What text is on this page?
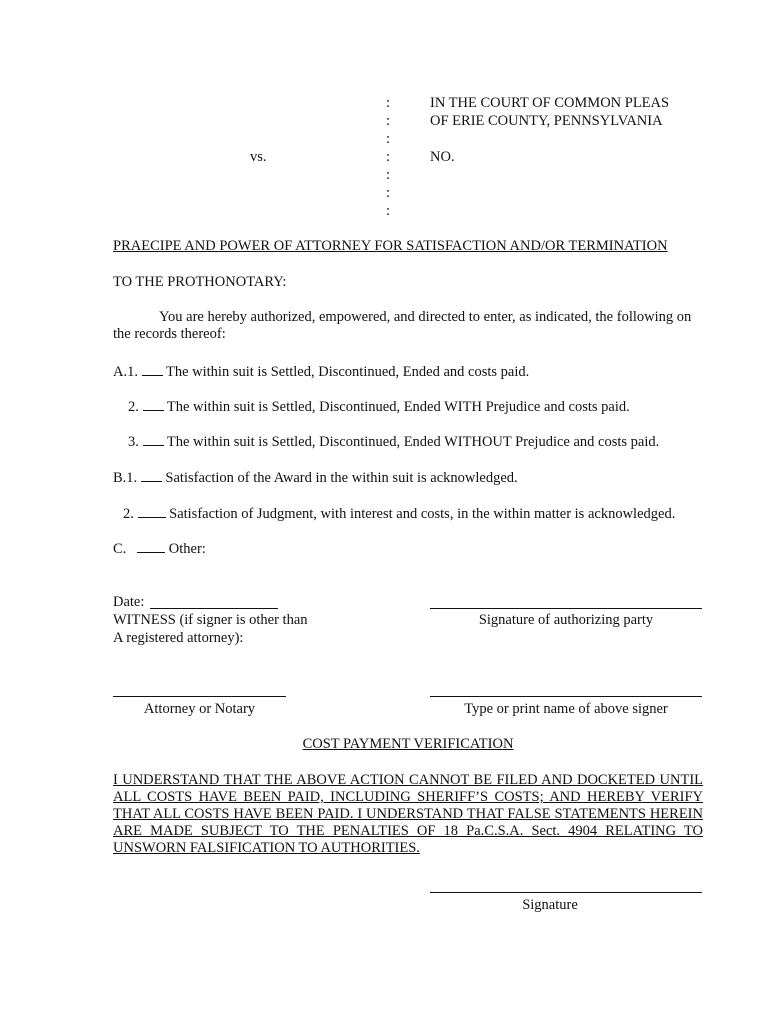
:
:
:
:
:
:
:
IN THE COURT OF COMMON PLEAS
OF ERIE COUNTY, PENNSYLVANIA
vs.	NO.
PRAECIPE AND POWER OF ATTORNEY FOR SATISFACTION AND/OR TERMINATION
TO THE PROTHONOTARY:
You are hereby authorized, empowered, and directed to enter, as indicated, the following on the records thereof:
A.1. The within suit is Settled, Discontinued, Ended and costs paid.
2. The within suit is Settled, Discontinued, Ended WITH Prejudice and costs paid.
3. The within suit is Settled, Discontinued, Ended WITHOUT Prejudice and costs paid.
B.1. Satisfaction of the Award in the within suit is acknowledged.
2. Satisfaction of Judgment, with interest and costs, in the within matter is acknowledged.
C.	Other:
Date:
WITNESS (if signer is other than
A registered attorney):
Signature of authorizing party
Attorney or Notary	Type or print name of above signer
COST PAYMENT VERIFICATION
I UNDERSTAND THAT THE ABOVE ACTION CANNOT BE FILED AND DOCKETED UNTIL ALL COSTS HAVE BEEN PAID, INCLUDING SHERIFF’S COSTS; AND HEREBY VERIFY THAT ALL COSTS HAVE BEEN PAID. I UNDERSTAND THAT FALSE STATEMENTS HEREIN ARE MADE SUBJECT TO THE PENALTIES OF 18 Pa.C.S.A. Sect. 4904 RELATING TO UNSWORN FALSIFICATION TO AUTHORITIES.
Signature
